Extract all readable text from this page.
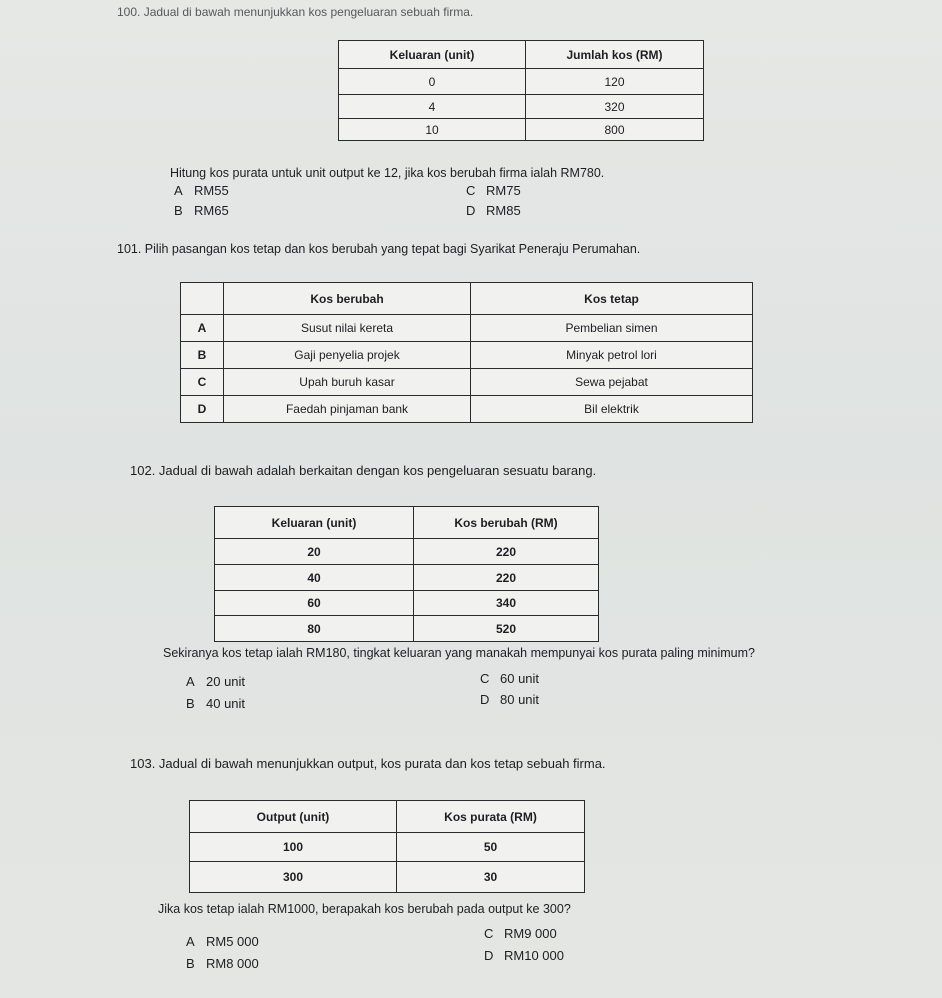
100. Jadual di bawah menunjukkan kos pengeluaran sebuah firma.
Keluaran (unit)	Jumlah kos (RM)
0	120
4	320
10	800
Hitung kos purata untuk unit output ke 12, jika kos berubah firma ialah RM780.
A RM55
B RM65
C RM75
D RM85
101. Pilih pasangan kos tetap dan kos berubah yang tepat bagi Syarikat Peneraju Perumahan.
	Kos berubah	Kos tetap
A	Susut nilai kereta	Pembelian simen
B	Gaji penyelia projek	Minyak petrol lori
C	Upah buruh kasar	Sewa pejabat
D	Faedah pinjaman bank	Bil elektrik
102. Jadual di bawah adalah berkaitan dengan kos pengeluaran sesuatu barang.
Keluaran (unit)	Kos berubah (RM)
20	220
40	220
60	340
80	520
Sekiranya kos tetap ialah RM180, tingkat keluaran yang manakah mempunyai kos purata paling minimum?
A 20 unit
B 40 unit
C 60 unit
D 80 unit
103. Jadual di bawah menunjukkan output, kos purata dan kos tetap sebuah firma.
Output (unit)	Kos purata (RM)
100	50
300	30
Jika kos tetap ialah RM1000, berapakah kos berubah pada output ke 300?
A RM5 000
B RM8 000
C RM9 000
D RM10 000
